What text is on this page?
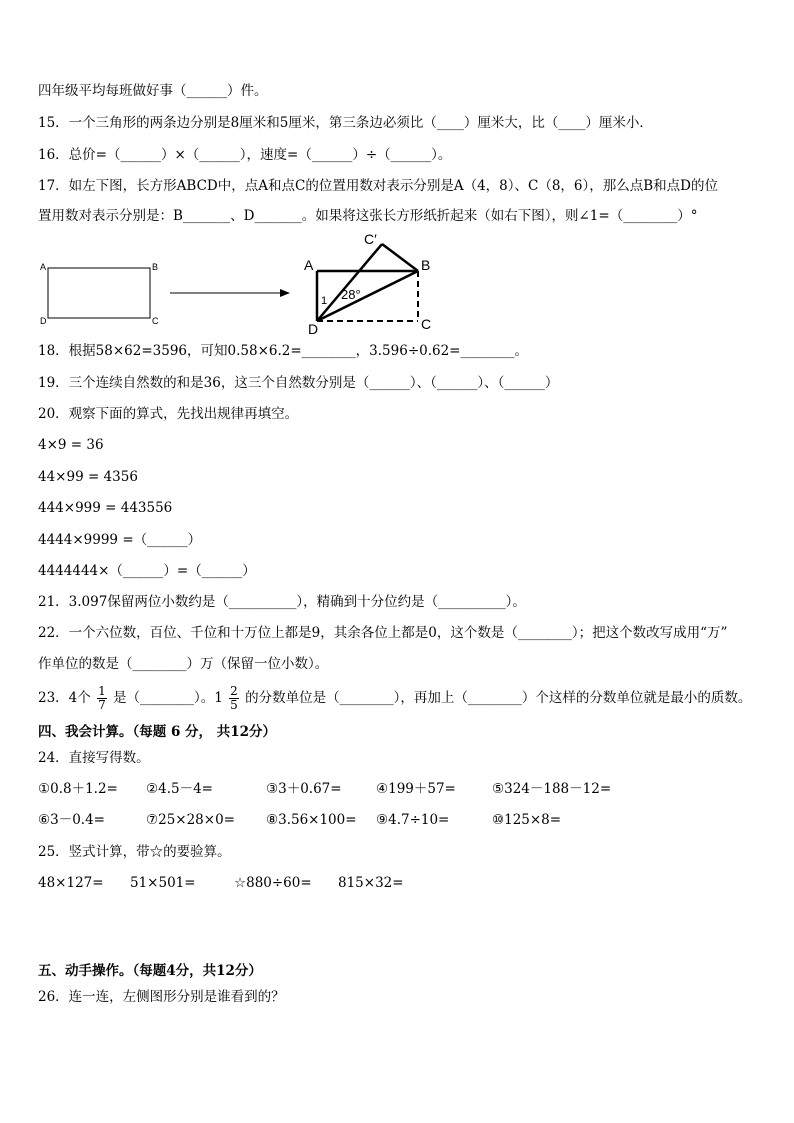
四年级平均每班做好事（______）件。
15．一个三角形的两条边分别是8厘米和5厘米，第三条边必须比（____）厘米大，比（____）厘米小．
16．总价=（______）×（______），速度=（______）÷（______）。
17．如左下图，长方形ABCD中，点A和点C的位置用数对表示分别是A（4，8）、C（8，6），那么点B和点D的位
置用数对表示分别是：B_______、D_______。如果将这张长方形纸折起来（如右下图），则∠1=（________）°
A	B
D	C
A	B
C′
D	C
1 28°
18．根据58×62=3596，可知0.58×6.2=________，3.596÷0.62=________。
19．三个连续自然数的和是36，这三个自然数分别是（______）、（______）、（______）
20．观察下面的算式，先找出规律再填空。
4×9 = 36
44×99 = 4356
444×999 = 443556
4444×9999 =（______）
4444444×（______）=（______）
21．3.097保留两位小数约是（__________），精确到十分位约是（__________）。
22．一个六位数，百位、千位和十万位上都是9，其余各位上都是0，这个数是（________）；把这个数改写成用“万”
作单位的数是（________）万（保留一位小数）。
23．4个 $\frac{1}{7}$ 是（________）。$1 \frac{2}{5}$ 的分数单位是（________），再加上（________）个这样的分数单位就是最小的质数。
四、我会计算。（每题 6 分， 共12分）
24．直接写得数。
①0.8＋1.2= ②4.5－4=	③3＋0.67=	④199＋57=	⑤324－188－12=
⑥3－0.4=	⑦25×28×0= ⑧3.56×100= ⑨4.7÷10=	⑩125×8=
25．竖式计算，带☆的要验算。
48×127= 51×501=	☆880÷60= 815×32=
五、动手操作。（每题4分，共12分）
26．连一连，左侧图形分别是谁看到的？
